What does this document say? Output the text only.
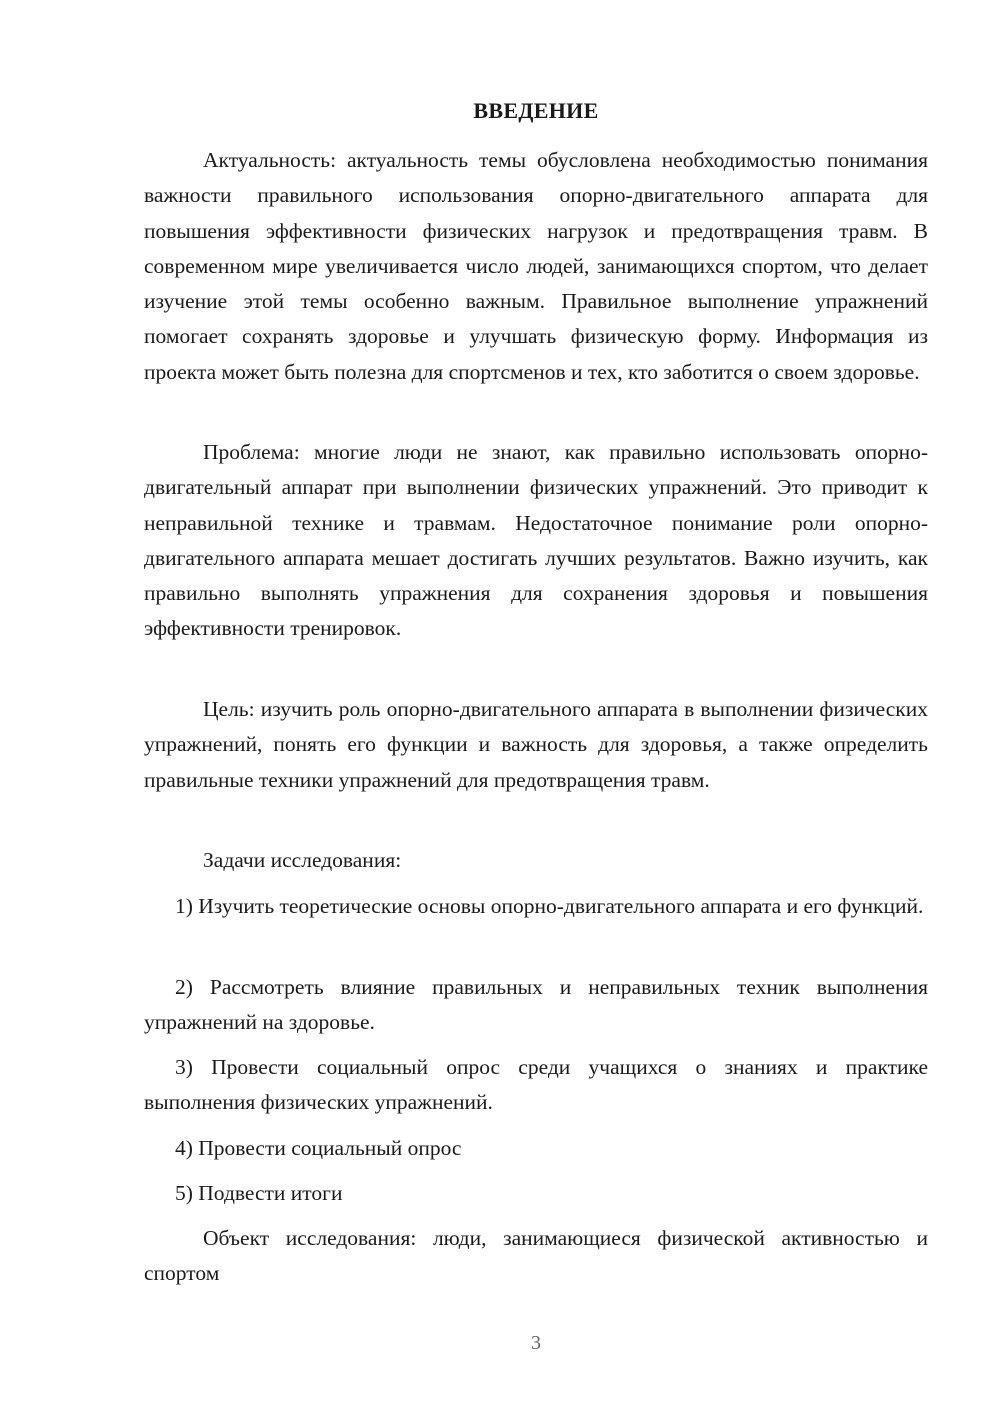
ВВЕДЕНИЕ

Актуальность: актуальность темы обусловлена необходимостью понимания важности правильного использования опорно-двигательного аппарата для повышения эффективности физических нагрузок и предотвращения травм. В современном мире увеличивается число людей, занимающихся спортом, что делает изучение этой темы особенно важным. Правильное выполнение упражнений помогает сохранять здоровье и улучшать физическую форму. Информация из проекта может быть полезна для спортсменов и тех, кто заботится о своем здоровье.

Проблема: многие люди не знают, как правильно использовать опорно-двигательный аппарат при выполнении физических упражнений. Это приводит к неправильной технике и травмам. Недостаточное понимание роли опорно-двигательного аппарата мешает достигать лучших результатов. Важно изучить, как правильно выполнять упражнения для сохранения здоровья и повышения эффективности тренировок.

Цель: изучить роль опорно-двигательного аппарата в выполнении физических упражнений, понять его функции и важность для здоровья, а также определить правильные техники упражнений для предотвращения травм.

Задачи исследования:

1) Изучить теоретические основы опорно-двигательного аппарата и его функций.

2) Рассмотреть влияние правильных и неправильных техник выполнения упражнений на здоровье.

3) Провести социальный опрос среди учащихся о знаниях и практике выполнения физических упражнений.

4) Провести социальный опрос

5) Подвести итоги

Объект исследования: люди, занимающиеся физической активностью и спортом

3
